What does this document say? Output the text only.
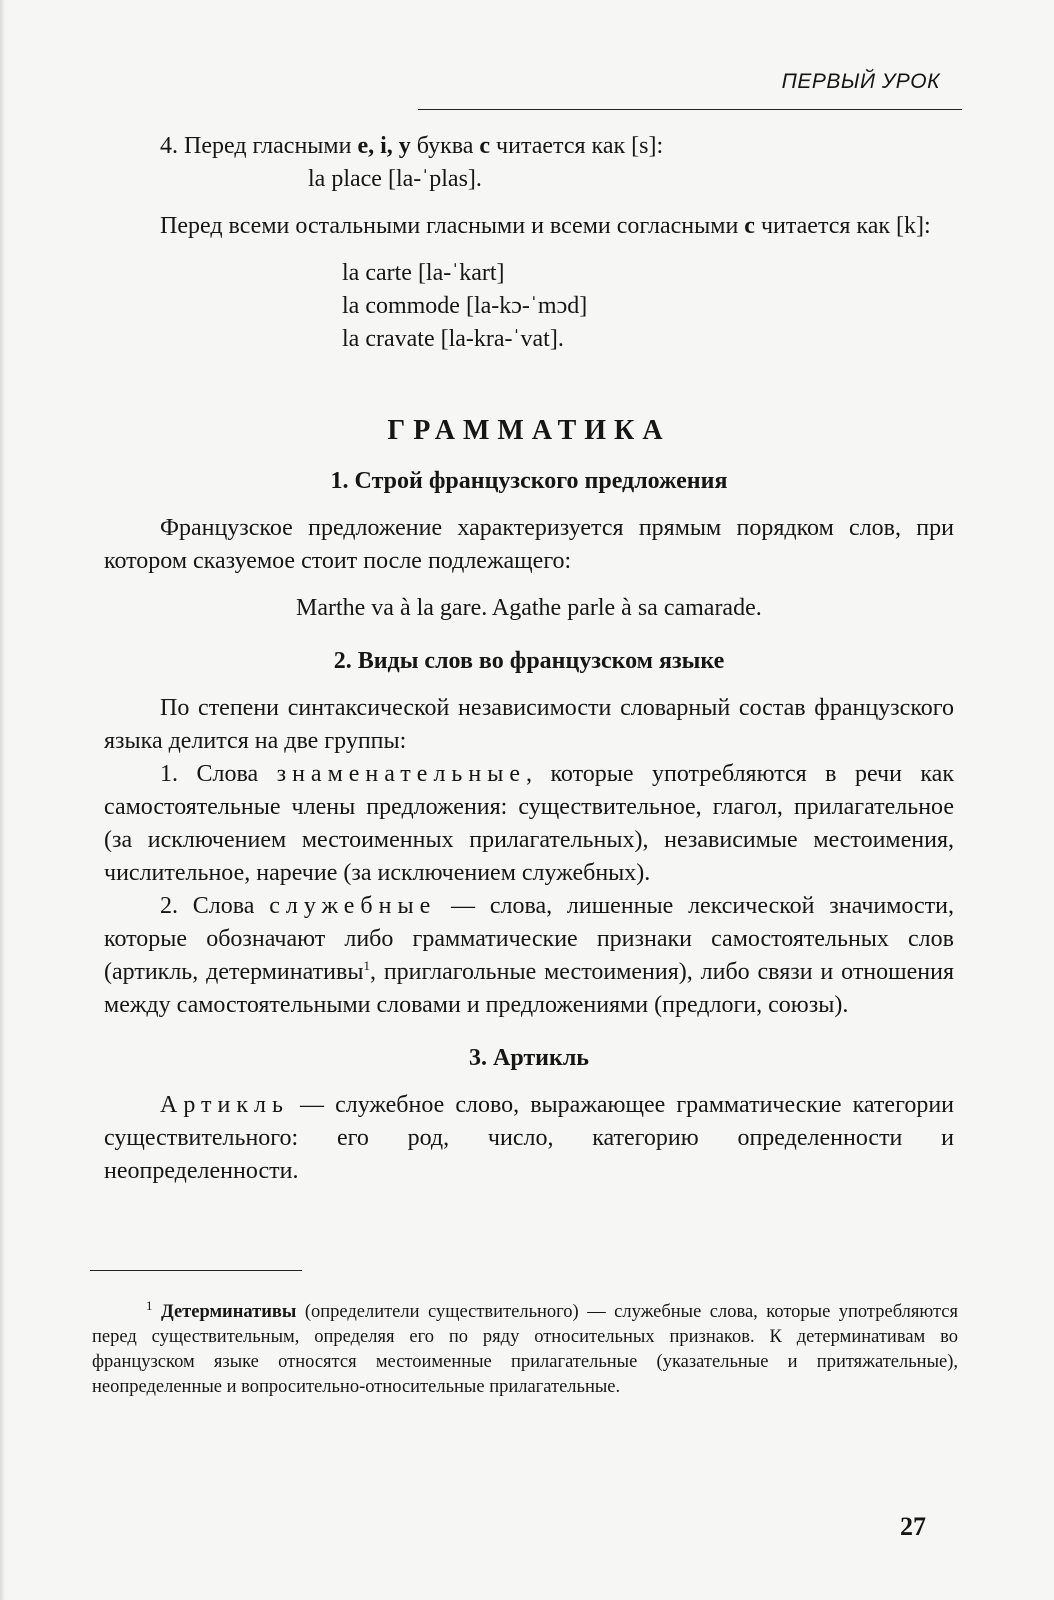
ПЕРВЫЙ УРОК

4. Перед гласными e, i, y буква c читается как [s]:

la place [la-ˈplas].

Перед всеми остальными гласными и всеми согласными c читается как [k]:

la carte [la-ˈkart]
la commode [la-kɔ-ˈmɔd]
la cravate [la-kra-ˈvat].
ГРАММАТИКА
1. Строй французского предложения

Французское предложение характеризуется прямым порядком слов, при котором сказуемое стоит после подлежащего:

Marthe va à la gare. Agathe parle à sa camarade.
2. Виды слов во французском языке

По степени синтаксической независимости словарный состав французского языка делится на две группы:

1. Слова знаменательные, которые употребляются в речи как самостоятельные члены предложения: существительное, глагол, прилагательное (за исключением местоименных прилагательных), независимые местоимения, числительное, наречие (за исключением служебных).

2. Слова служебные — слова, лишенные лексической значимости, которые обозначают либо грамматические признаки самостоятельных слов (артикль, детерминативы$^1$, приглагольные местоимения), либо связи и отношения между самостоятельными словами и предложениями (предлоги, союзы).

3. Артикль

Артикль — служебное слово, выражающее грамматические категории существительного: его род, число, категорию определенности и неопределенности.

$^1$ Детерминативы (определители существительного) — служебные слова, которые употребляются перед существительным, определяя его по ряду относительных признаков. К детерминативам во французском языке относятся местоименные прилагательные (указательные и притяжательные), неопределенные и вопросительно-относительные прилагательные.

27
